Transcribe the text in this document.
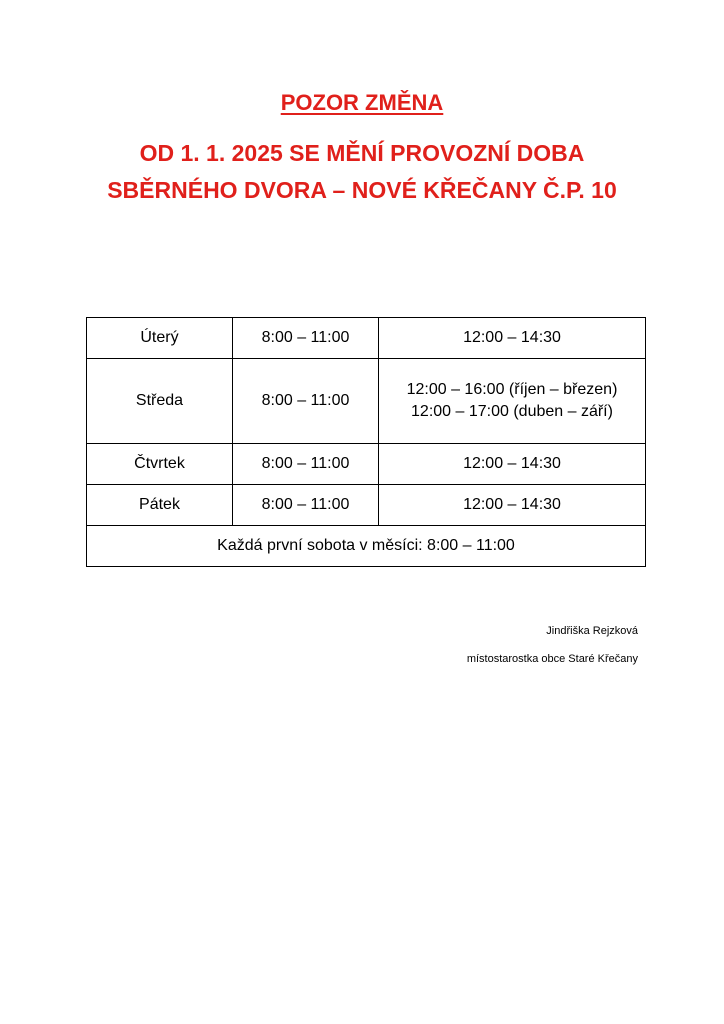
POZOR ZMĚNA
OD 1. 1. 2025 SE MĚNÍ PROVOZNÍ DOBA
SBĚRNÉHO DVORA – NOVÉ KŘEČANY Č.P. 10
Úterý	8:00 – 11:00	12:00 – 14:30

Středa	8:00 – 11:00	12:00 – 16:00 (říjen – březen)
12:00 – 17:00 (duben – září)

Čtvrtek	8:00 – 11:00	12:00 – 14:30

Pátek	8:00 – 11:00	12:00 – 14:30

Každá první sobota v měsíci: 8:00 – 11:00		
Jindřiška Rejzková
místostarostka obce Staré Křečany
